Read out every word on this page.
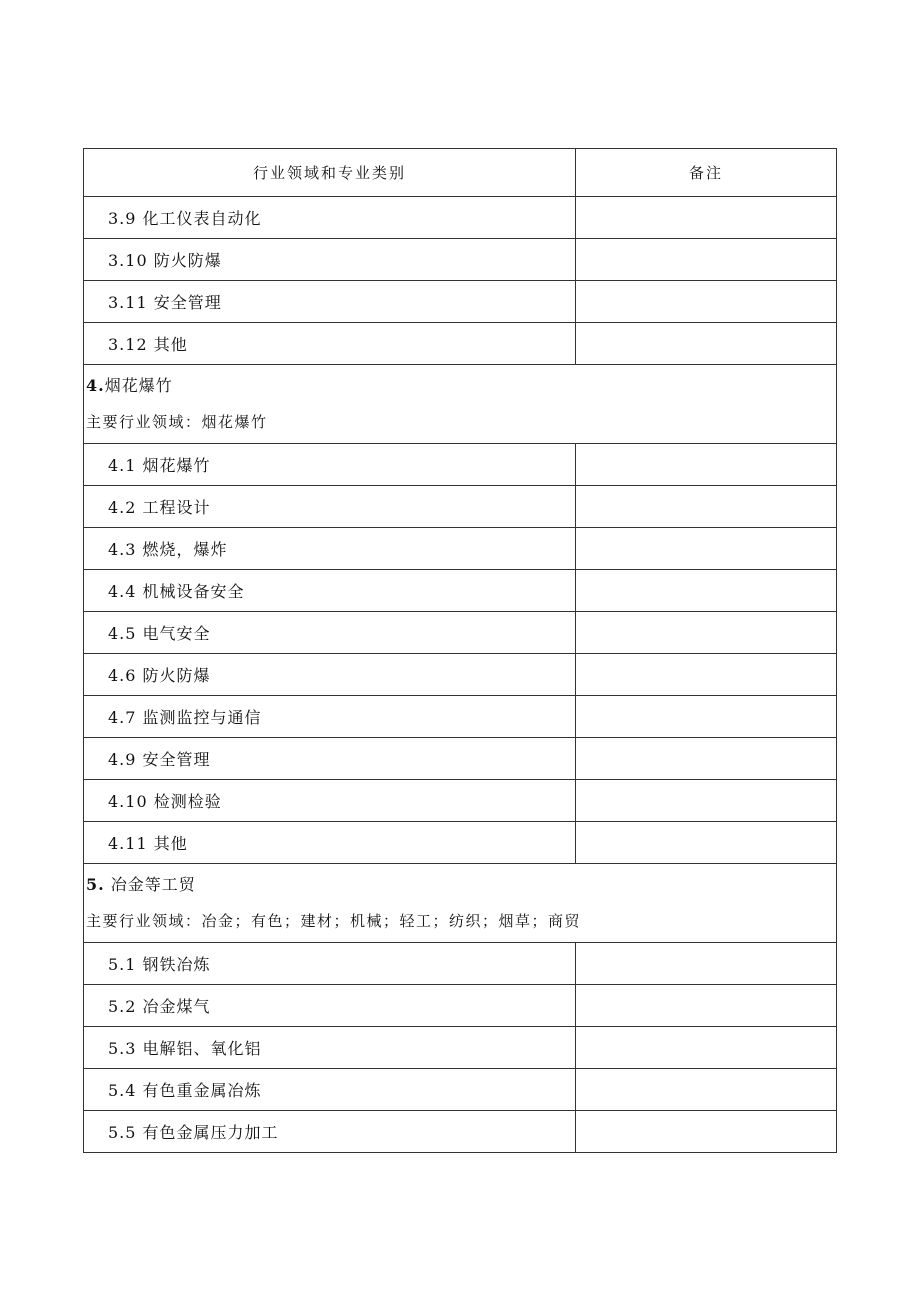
行业领域和专业类别	备注
3.9 化工仪表自动化	
3.10 防火防爆	
3.11 安全管理	
3.12 其他	

4.烟花爆竹
主要行业领域：烟花爆竹	

4.1 烟花爆竹	
4.2 工程设计	
4.3 燃烧，爆炸	
4.4 机械设备安全	
4.5 电气安全	
4.6 防火防爆	
4.7 监测监控与通信	
4.9 安全管理	
4.10 检测检验	
4.11 其他	

5. 冶金等工贸
主要行业领域：冶金；有色；建材；机械；轻工；纺织；烟草；商贸	

5.1 钢铁冶炼	
5.2 冶金煤气	
5.3 电解铝、氧化铝	
5.4 有色重金属冶炼	
5.5 有色金属压力加工	
